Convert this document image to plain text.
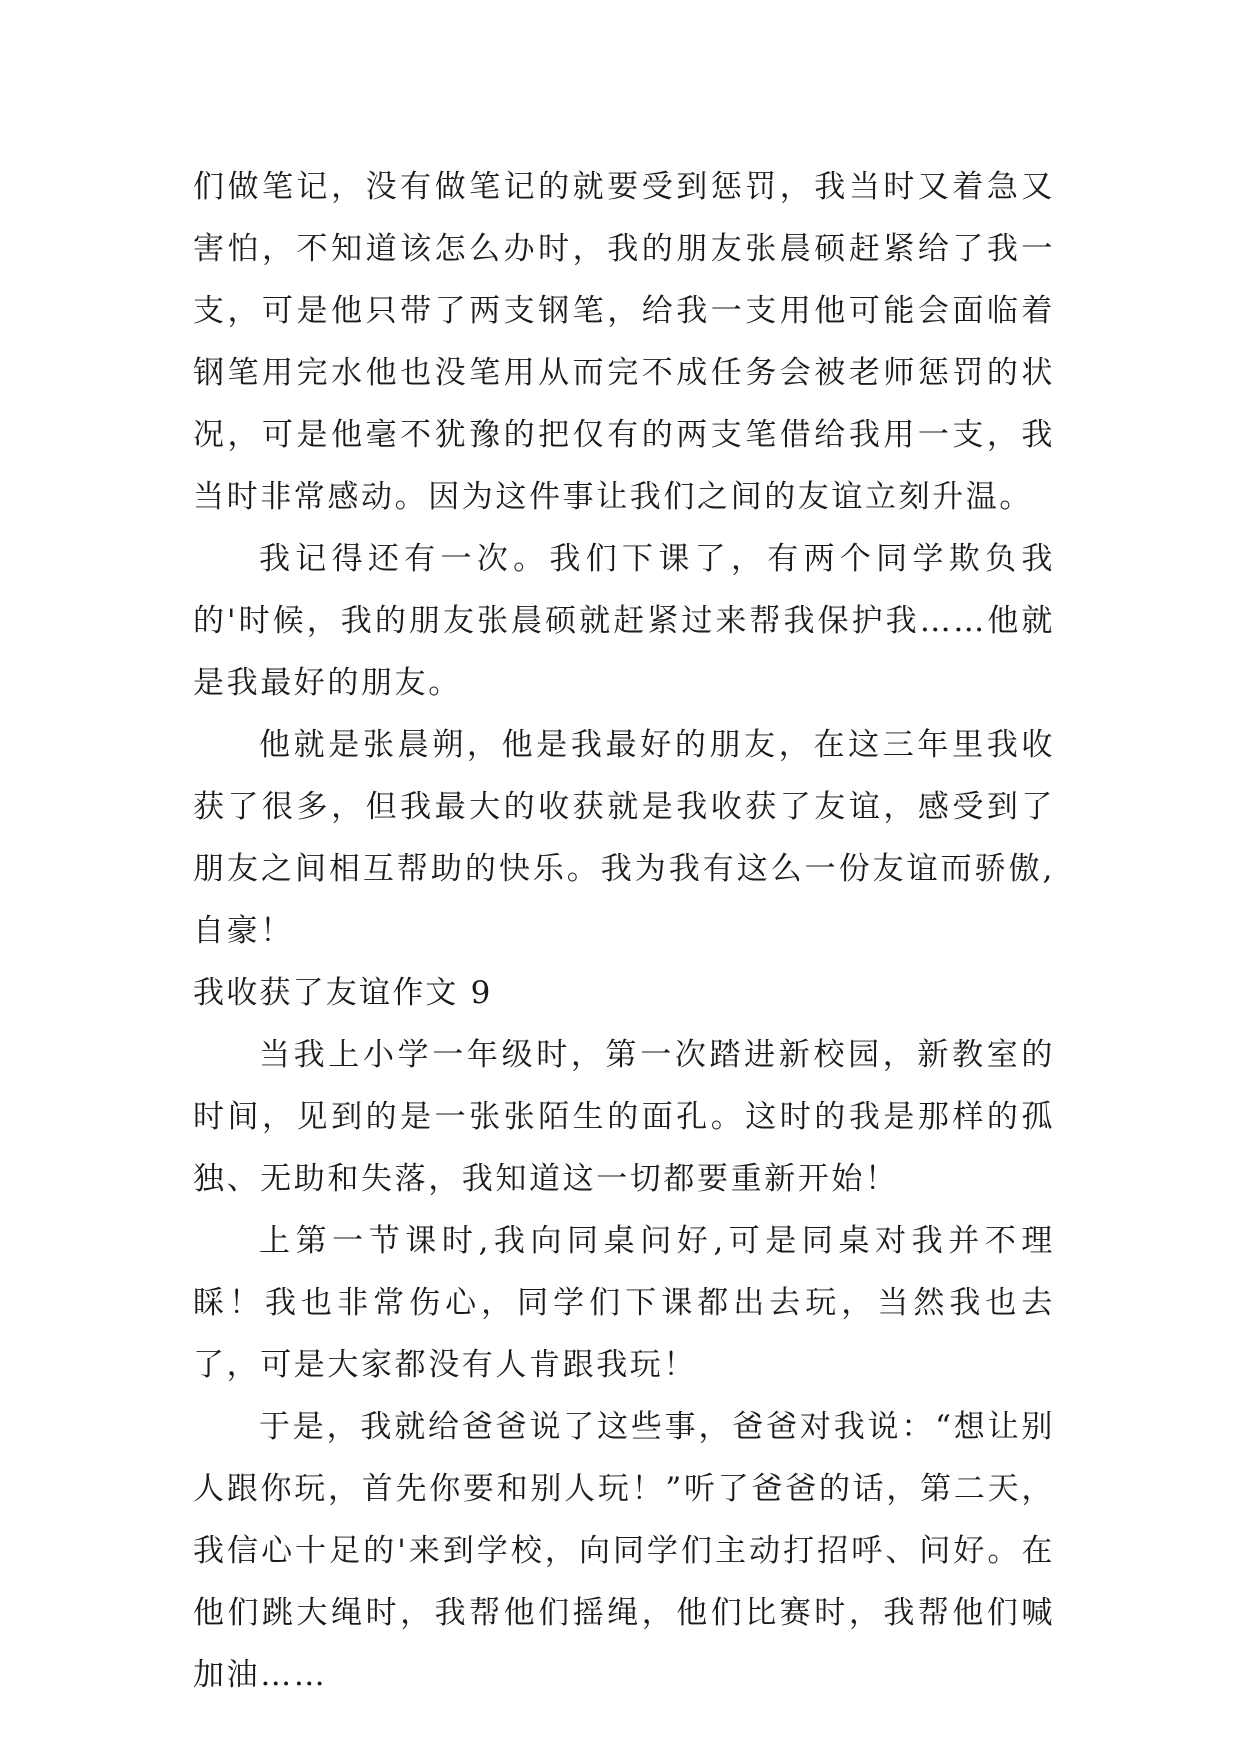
们做笔记，没有做笔记的就要受到惩罚，我当时又着急又害怕，不知道该怎么办时，我的朋友张晨硕赶紧给了我一支，可是他只带了两支钢笔，给我一支用他可能会面临着钢笔用完水他也没笔用从而完不成任务会被老师惩罚的状况，可是他毫不犹豫的把仅有的两支笔借给我用一支，我当时非常感动。因为这件事让我们之间的友谊立刻升温。

我记得还有一次。我们下课了，有两个同学欺负我的'时候，我的朋友张晨硕就赶紧过来帮我保护我……他就是我最好的朋友。

他就是张晨朔，他是我最好的朋友，在这三年里我收获了很多，但我最大的收获就是我收获了友谊，感受到了朋友之间相互帮助的快乐。我为我有这么一份友谊而骄傲,自豪！

我收获了友谊作文 9

当我上小学一年级时，第一次踏进新校园，新教室的时间，见到的是一张张陌生的面孔。这时的我是那样的孤独、无助和失落，我知道这一切都要重新开始！

上第一节课时,我向同桌问好,可是同桌对我并不理睬！我也非常伤心，同学们下课都出去玩，当然我也去了，可是大家都没有人肯跟我玩！

于是，我就给爸爸说了这些事，爸爸对我说：“想让别人跟你玩，首先你要和别人玩！”听了爸爸的话，第二天，我信心十足的'来到学校，向同学们主动打招呼、问好。在他们跳大绳时，我帮他们摇绳，他们比赛时，我帮他们喊加油……
